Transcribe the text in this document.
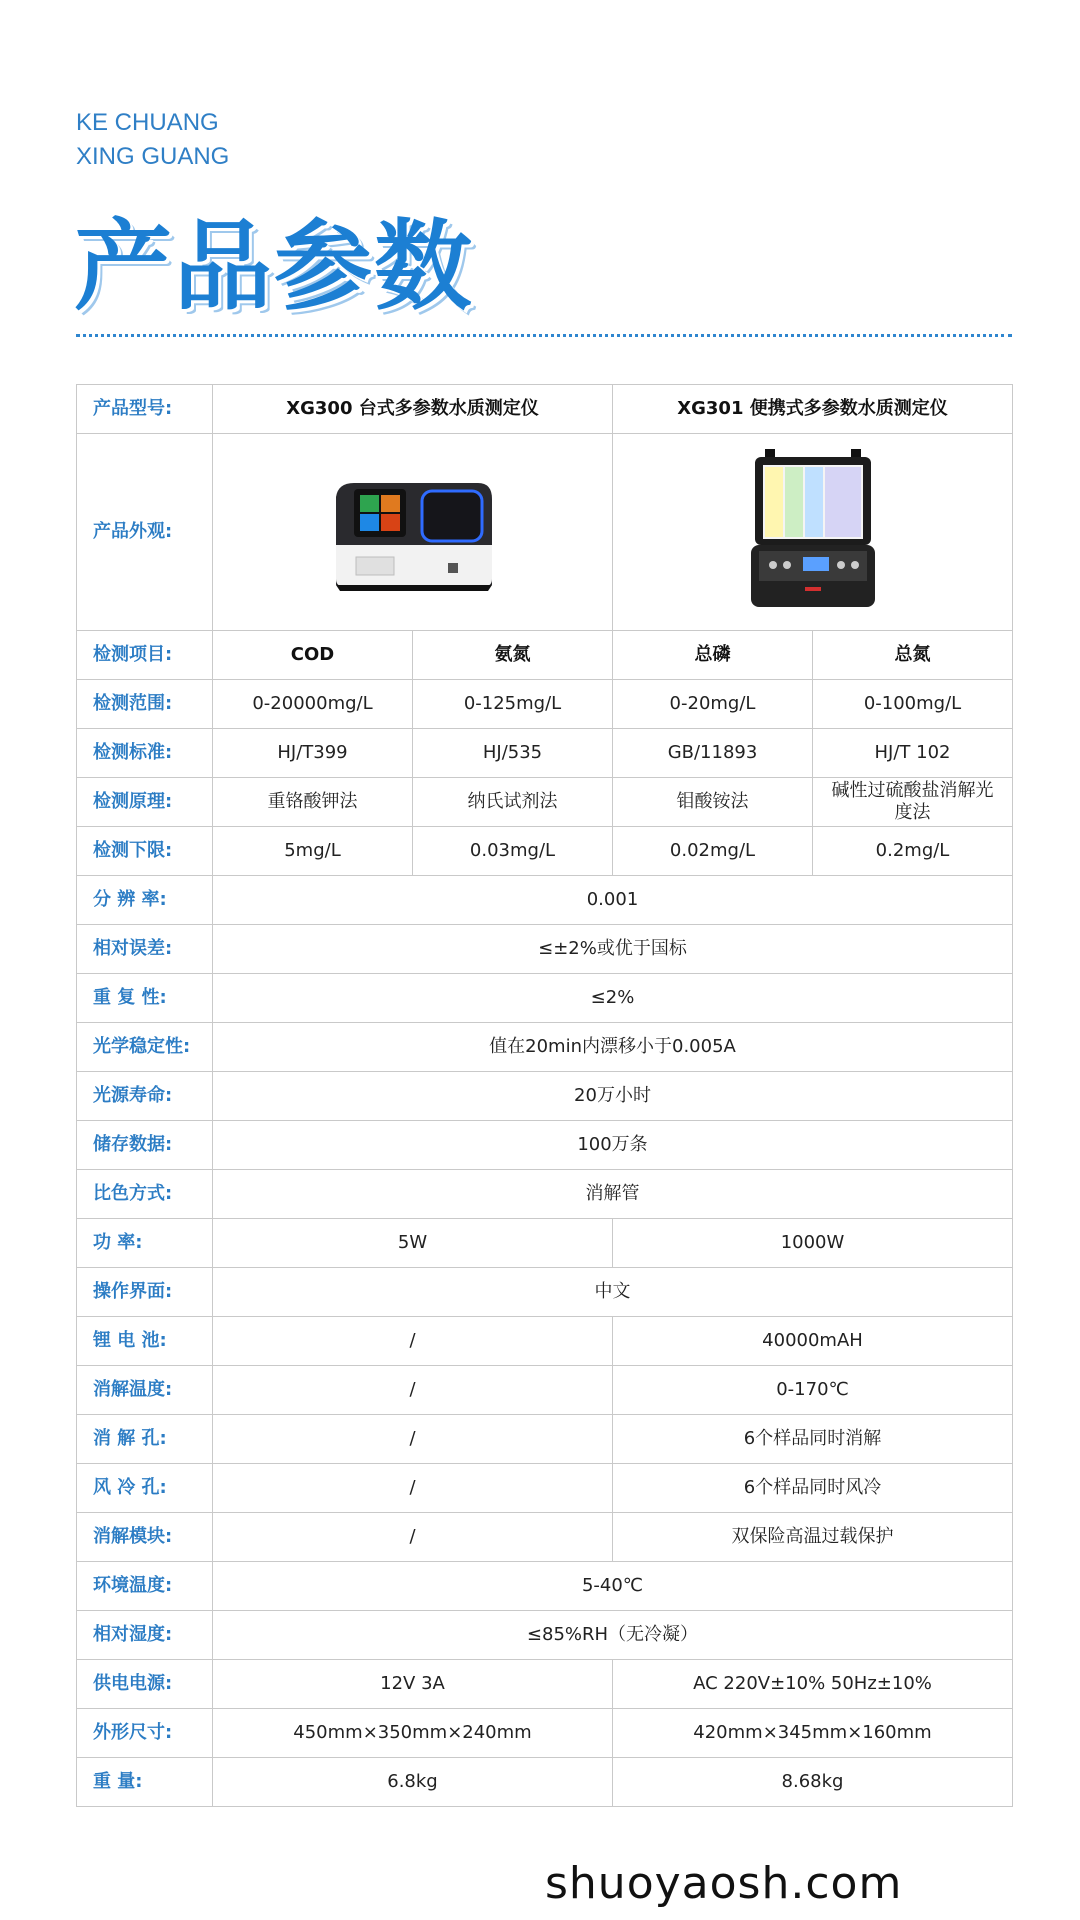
KE CHUANG
XING GUANG
产品参数
产品型号:	XG300 台式多参数水质测定仪		XG301 便携式多参数水质测定仪	
产品外观:	

检测项目:	COD	氨氮	总磷	总氮
检测范围:	0-20000mg/L	0-125mg/L	0-20mg/L	0-100mg/L
检测标准:	HJ/T399	HJ/535	GB/11893	HJ/T 102
检测原理:	重铬酸钾法	纳氏试剂法	钼酸铵法	碱性过硫酸盐消解光度法
检测下限:	5mg/L	0.03mg/L	0.02mg/L	0.2mg/L
分 辨 率:	0.001			
相对误差:	≤±2%或优于国标			
重 复 性:	≤2%			
光学稳定性:	值在20min内漂移小于0.005A			
光源寿命:	20万小时			
储存数据:	100万条			
比色方式:	消解管			
功 率:	5W		1000W	
操作界面:	中文			
锂 电 池:	/		40000mAH	
消解温度:	/		0-170℃	
消 解 孔:	/		6个样品同时消解	
风 冷 孔:	/		6个样品同时风冷	
消解模块:	/		双保险高温过载保护	
环境温度:	5-40℃			
相对湿度:	≤85%RH（无冷凝）			
供电电源:	12V 3A		AC 220V±10% 50Hz±10%	
外形尺寸:	450mm×350mm×240mm		420mm×345mm×160mm	
重 量:	6.8kg		8.68kg	
shuoyaosh.com
